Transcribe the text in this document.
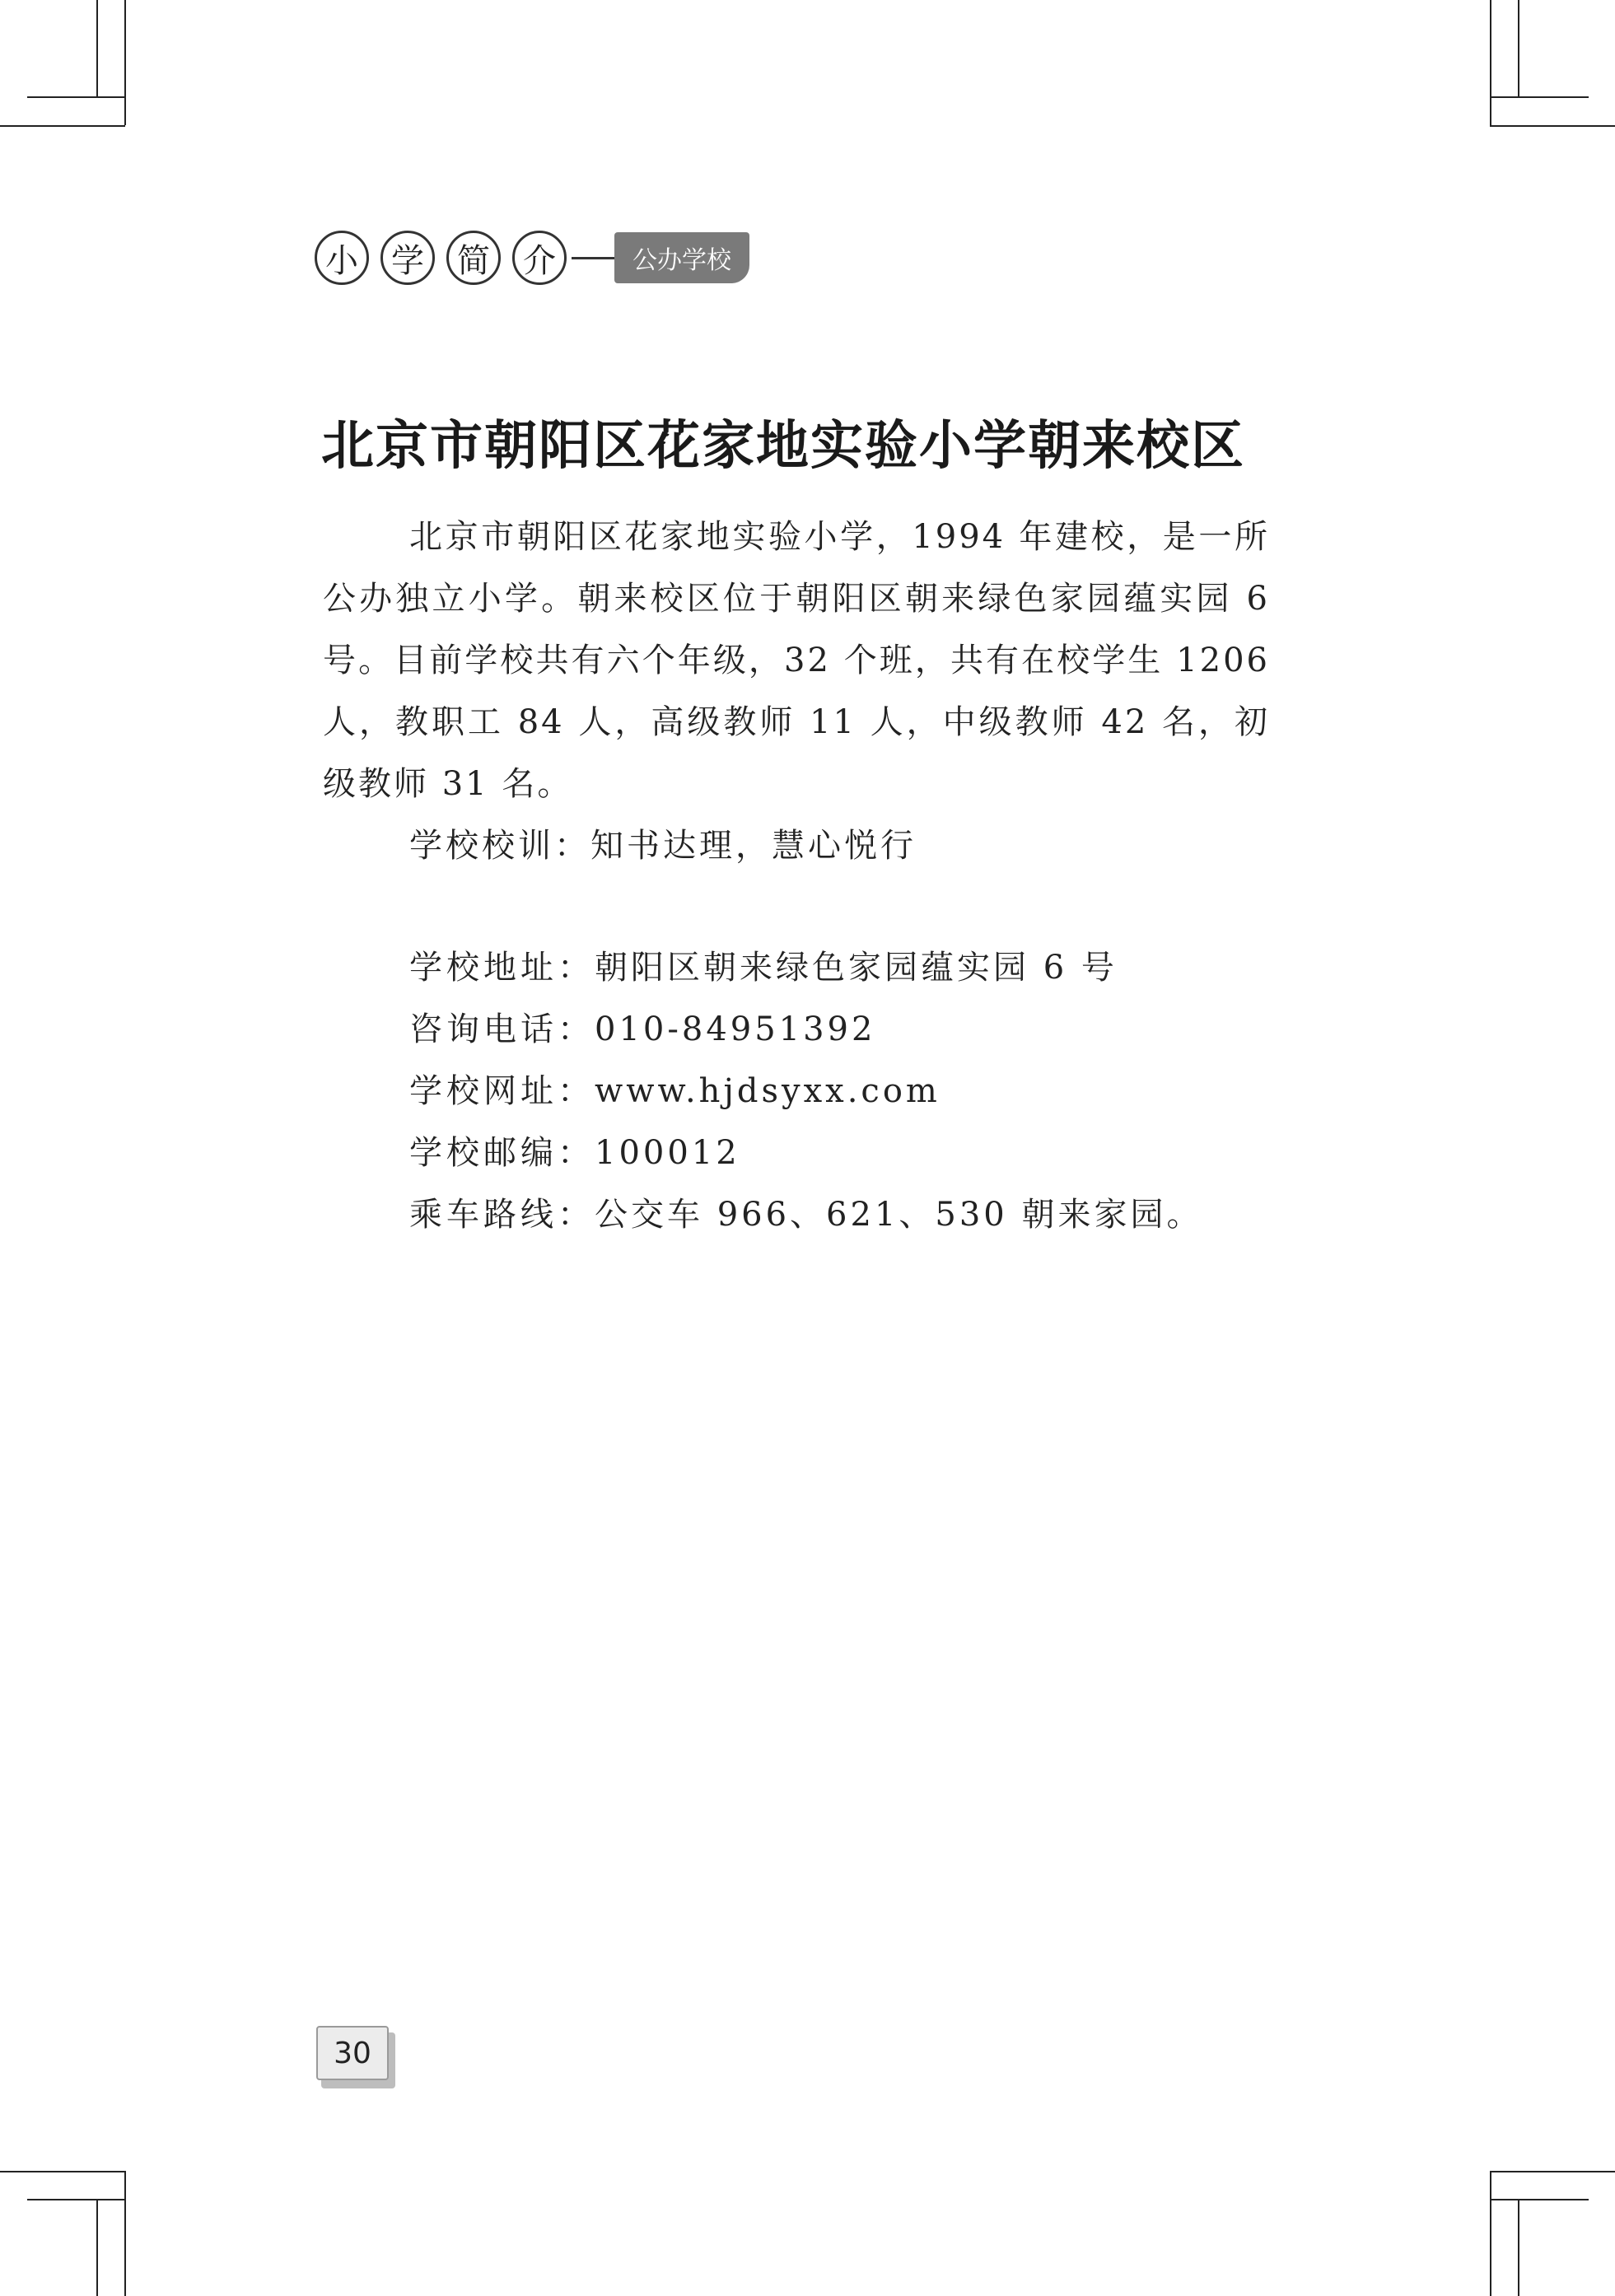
小	学	简	介	公办学校
北京市朝阳区花家地实验小学朝来校区

北京市朝阳区花家地实验小学，1994 年建校，是一所公办独立小学。朝来校区位于朝阳区朝来绿色家园蕴实园 6 号。目前学校共有六个年级，32 个班，共有在校学生 1206 人，教职工 84 人，高级教师 11 人，中级教师 42 名，初级教师 31 名。

学校校训：知书达理，慧心悦行
学校地址： 朝阳区朝来绿色家园蕴实园 6 号
咨询电话： 010-84951392
学校网址： www.hjdsyxx.com
学校邮编： 100012
乘车路线： 公交车 966、621、530 朝来家园。
30
